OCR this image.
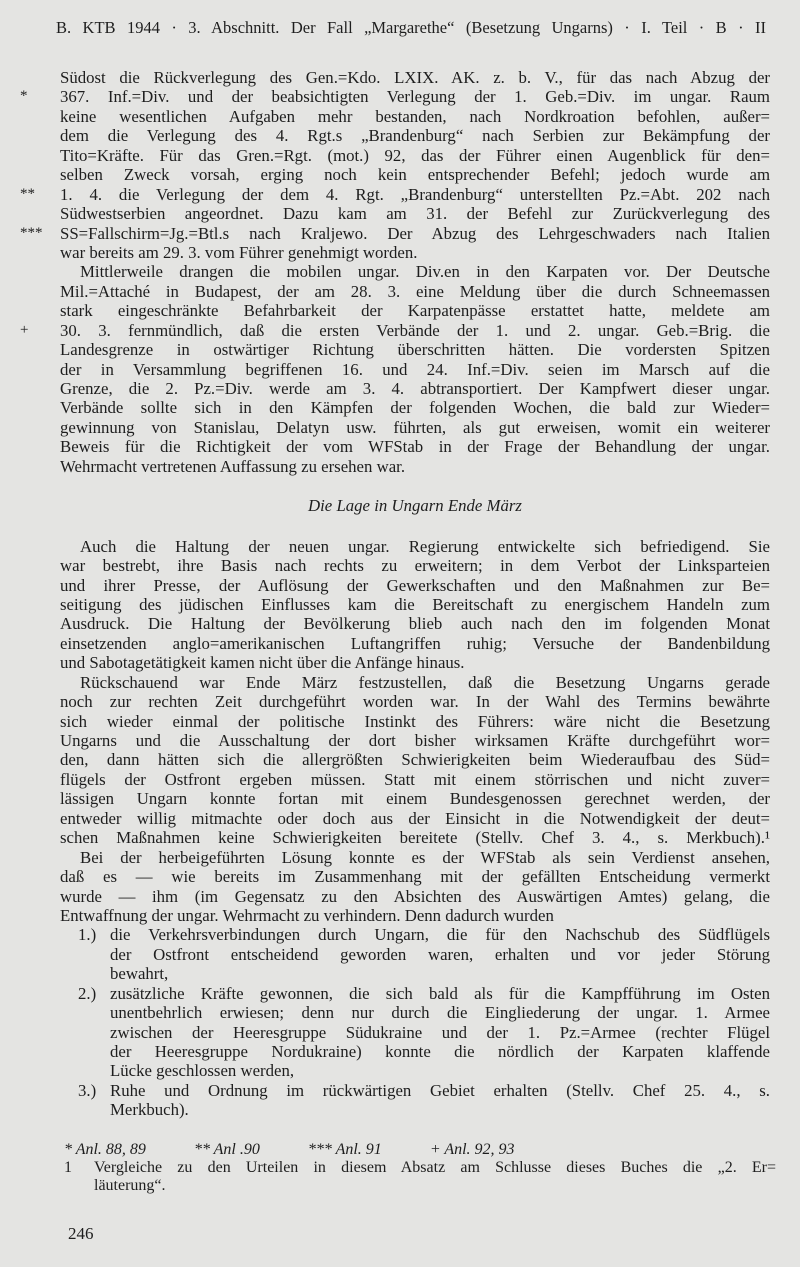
B. KTB 1944 · 3. Abschnitt. Der Fall „Margarethe“ (Besetzung Ungarns) · I. Teil · B · II
Südost die Rückverlegung des Gen.=Kdo. LXIX. AK. z. b. V., für das nach Abzug der
367. Inf.=Div. und der beabsichtigten Verlegung der 1. Geb.=Div. im ungar. Raum
*
keine wesentlichen Aufgaben mehr bestanden, nach Nordkroation befohlen, außer=
dem die Verlegung des 4. Rgt.s „Brandenburg“ nach Serbien zur Bekämpfung der
Tito=Kräfte. Für das Gren.=Rgt. (mot.) 92, das der Führer einen Augenblick für den=
selben Zweck vorsah, erging noch kein entsprechender Befehl; jedoch wurde am
1. 4. die Verlegung der dem 4. Rgt. „Brandenburg“ unterstellten Pz.=Abt. 202 nach
**
Südwestserbien angeordnet. Dazu kam am 31. der Befehl zur Zurückverlegung des
SS=Fallschirm=Jg.=Btl.s nach Kraljewo. Der Abzug des Lehrgeschwaders nach Italien
***
war bereits am 29. 3. vom Führer genehmigt worden.
Mittlerweile drangen die mobilen ungar. Div.en in den Karpaten vor. Der Deutsche
Mil.=Attaché in Budapest, der am 28. 3. eine Meldung über die durch Schneemassen
stark eingeschränkte Befahrbarkeit der Karpatenpässe erstattet hatte, meldete am
30. 3. fernmündlich, daß die ersten Verbände der 1. und 2. ungar. Geb.=Brig. die
+
Landesgrenze in ostwärtiger Richtung überschritten hätten. Die vordersten Spitzen
der in Versammlung begriffenen 16. und 24. Inf.=Div. seien im Marsch auf die
Grenze, die 2. Pz.=Div. werde am 3. 4. abtransportiert. Der Kampfwert dieser ungar.
Verbände sollte sich in den Kämpfen der folgenden Wochen, die bald zur Wieder=
gewinnung von Stanislau, Delatyn usw. führten, als gut erweisen, womit ein weiterer
Beweis für die Richtigkeit der vom WFStab in der Frage der Behandlung der ungar.
Wehrmacht vertretenen Auffassung zu ersehen war.
Die Lage in Ungarn Ende März
Auch die Haltung der neuen ungar. Regierung entwickelte sich befriedigend. Sie
war bestrebt, ihre Basis nach rechts zu erweitern; in dem Verbot der Linksparteien
und ihrer Presse, der Auflösung der Gewerkschaften und den Maßnahmen zur Be=
seitigung des jüdischen Einflusses kam die Bereitschaft zu energischem Handeln zum
Ausdruck. Die Haltung der Bevölkerung blieb auch nach den im folgenden Monat
einsetzenden anglo=amerikanischen Luftangriffen ruhig; Versuche der Bandenbildung
und Sabotagetätigkeit kamen nicht über die Anfänge hinaus.
Rückschauend war Ende März festzustellen, daß die Besetzung Ungarns gerade
noch zur rechten Zeit durchgeführt worden war. In der Wahl des Termins bewährte
sich wieder einmal der politische Instinkt des Führers: wäre nicht die Besetzung
Ungarns und die Ausschaltung der dort bisher wirksamen Kräfte durchgeführt wor=
den, dann hätten sich die allergrößten Schwierigkeiten beim Wiederaufbau des Süd=
flügels der Ostfront ergeben müssen. Statt mit einem störrischen und nicht zuver=
lässigen Ungarn konnte fortan mit einem Bundesgenossen gerechnet werden, der
entweder willig mitmachte oder doch aus der Einsicht in die Notwendigkeit der deut=
schen Maßnahmen keine Schwierigkeiten bereitete (Stellv. Chef 3. 4., s. Merkbuch).¹
Bei der herbeigeführten Lösung konnte es der WFStab als sein Verdienst ansehen,
daß es — wie bereits im Zusammenhang mit der gefällten Entscheidung vermerkt
wurde — ihm (im Gegensatz zu den Absichten des Auswärtigen Amtes) gelang, die
Entwaffnung der ungar. Wehrmacht zu verhindern. Denn dadurch wurden
1.) die Verkehrsverbindungen durch Ungarn, die für den Nachschub des Südflügels
der Ostfront entscheidend geworden waren, erhalten und vor jeder Störung
bewahrt,
2.) zusätzliche Kräfte gewonnen, die sich bald als für die Kampfführung im Osten
unentbehrlich erwiesen; denn nur durch die Eingliederung der ungar. 1. Armee
zwischen der Heeresgruppe Südukraine und der 1. Pz.=Armee (rechter Flügel
der Heeresgruppe Nordukraine) konnte die nördlich der Karpaten klaffende
Lücke geschlossen werden,
3.) Ruhe und Ordnung im rückwärtigen Gebiet erhalten (Stellv. Chef 25. 4., s.
Merkbuch).
* Anl. 88, 89	** Anl .90	*** Anl. 91	+ Anl. 92, 93
1 Vergleiche zu den Urteilen in diesem Absatz am Schlusse dieses Buches die „2. Er=
läuterung“.
246
